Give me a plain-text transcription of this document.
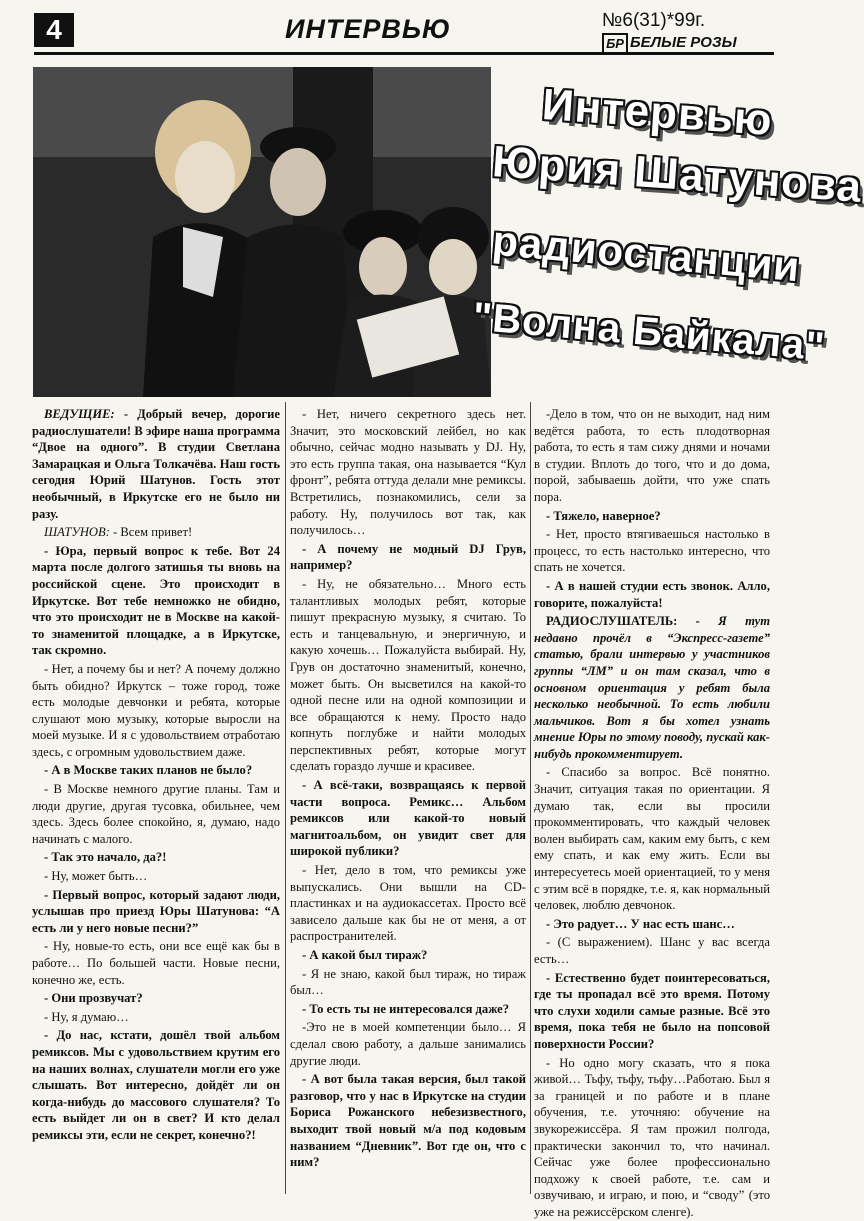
4	ИНТЕРВЬЮ	№6(31)*99г.
БР БЕЛЫЕ РОЗЫ
Интервью
Юрия Шатунова
радиостанции
"Волна Байкала"

ВЕДУЩИЕ: - Добрый вечер, дорогие радиослушатели! В эфире наша программа “Двое на одного”. В студии Светлана Замарацкая и Ольга Толкачёва. Наш гость сегодня Юрий Шатунов. Гость этот необычный, в Иркутске его не было ни разу.

ШАТУНОВ: - Всем привет!

- Юра, первый вопрос к тебе. Вот 24 марта после долгого затишья ты вновь на российской сцене. Это происходит в Иркутске. Вот тебе немножко не обидно, что это происходит не в Москве на какой-то знаменитой площадке, а в Иркутске, так скромно.

- Нет, а почему бы и нет? А почему должно быть обидно? Иркутск – тоже город, тоже есть молодые девчонки и ребята, которые слушают мою музыку, которые выросли на моей музыке. И я с удовольствием отработаю здесь, с огромным удовольствием даже.

- А в Москве таких планов не было?

- В Москве немного другие планы. Там и люди другие, другая тусовка, обильнее, чем здесь. Здесь более спокойно, я, думаю, надо начинать с малого.

- Так это начало, да?!

- Ну, может быть…

- Первый вопрос, который задают люди, услышав про приезд Юры Шатунова: “А есть ли у него новые песни?”

- Ну, новые-то есть, они все ещё как бы в работе… По большей части. Новые песни, конечно же, есть.

- Они прозвучат?

- Ну, я думаю…

- До нас, кстати, дошёл твой альбом ремиксов. Мы с удовольствием крутим его на наших волнах, слушатели могли его уже слышать. Вот интересно, дойдёт ли он когда-нибудь до массового слушателя? То есть выйдет ли он в свет? И кто делал ремиксы эти, если не секрет, конечно?!

- Нет, ничего секретного здесь нет. Значит, это московский лейбел, но как обычно, сейчас модно называть у DJ. Ну, это есть группа такая, она называется “Кул фронт”, ребята оттуда делали мне ремиксы. Встретились, познакомились, сели за работу. Ну, получилось вот так, как получилось…

- А почему не модный DJ Грув, например?

- Ну, не обязательно… Много есть талантливых молодых ребят, которые пишут прекрасную музыку, я считаю. То есть и танцевальную, и энергичную, и какую хочешь… Пожалуйста выбирай. Ну, Грув он достаточно знаменитый, конечно, может быть. Он высветился на какой-то одной песне или на одной композиции и все обращаются к нему. Просто надо копнуть поглубже и найти молодых перспективных ребят, которые могут сделать гораздо лучше и красивее.

- А всё-таки, возвращаясь к первой части вопроса. Ремикс… Альбом ремиксов или какой-то новый магнитоальбом, он увидит свет для широкой публики?

- Нет, дело в том, что ремиксы уже выпускались. Они вышли на CD-пластинках и на аудиокассетах. Просто всё зависело дальше как бы не от меня, а от распространителей.

- А какой был тираж?

- Я не знаю, какой был тираж, но тираж был…

- То есть ты не интересовался даже?

-Это не в моей компетенции было… Я сделал свою работу, а дальше занимались другие люди.

- А вот была такая версия, был такой разговор, что у нас в Иркутске на студии Бориса Рожанского небезизвестного, выходит твой новый м/а под кодовым названием “Дневник”. Вот где он, что с ним?

-Дело в том, что он не выходит, над ним ведётся работа, то есть плодотворная работа, то есть я там сижу днями и ночами в студии. Вплоть до того, что и до дома, порой, забываешь дойти, что уже спать пора.

- Тяжело, наверное?

- Нет, просто втягиваешься настолько в процесс, то есть настолько интересно, что спать не хочется.

- А в нашей студии есть звонок. Алло, говорите, пожалуйста!

РАДИОСЛУШАТЕЛЬ: - Я тут недавно прочёл в “Экспресс-газете” статью, брали интервью у участников группы “ЛМ” и он там сказал, что в основном ориентация у ребят была несколько необычной. То есть любили мальчиков. Вот я бы хотел узнать мнение Юры по этому поводу, пускай как-нибудь прокомментирует.

- Спасибо за вопрос. Всё понятно. Значит, ситуация такая по ориентации. Я думаю так, если вы просили прокомментировать, что каждый человек волен выбирать сам, каким ему быть, с кем ему спать, и как ему жить. Если вы интересуетесь моей ориентацией, то у меня с этим всё в порядке, т.е. я, как нормальный человек, люблю девчонок.

- Это радует… У нас есть шанс…

- (С выражением). Шанс у вас всегда есть…

- Естественно будет поинтересоваться, где ты пропадал всё это время. Потому что слухи ходили самые разные. Всё это время, пока тебя не было на попсовой поверхности России?

- Но одно могу сказать, что я пока живой… Тьфу, тьфу, тьфу…Работаю. Был я за границей и по работе и в плане обучения, т.е. уточняю: обучение на звукорежиссёра. Я там прожил полгода, практически закончил то, что начинал. Сейчас уже более профессионально подхожу к своей работе, т.е. сам и озвучиваю, и играю, и пою, и “своду” (это уже на режиссёрском сленге).
